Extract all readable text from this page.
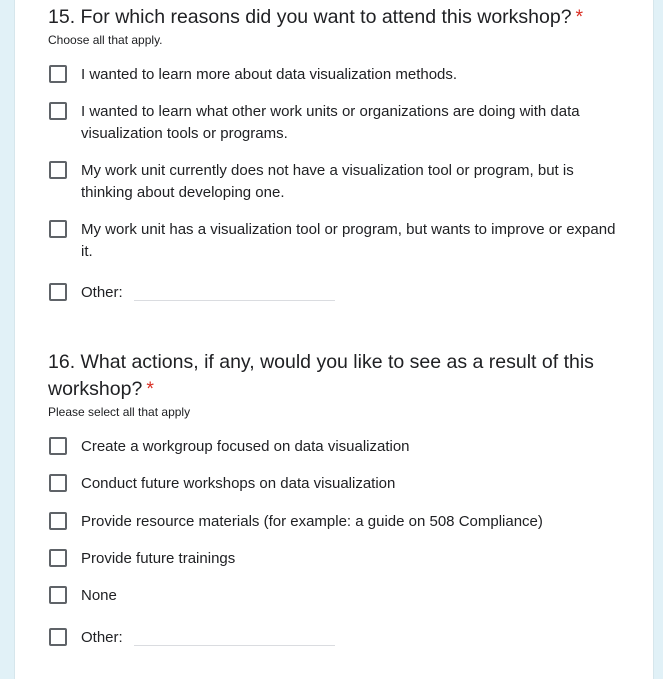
15. For which reasons did you want to attend this workshop? *
Choose all that apply.
I wanted to learn more about data visualization methods.
I wanted to learn what other work units or organizations are doing with data visualization tools or programs.
My work unit currently does not have a visualization tool or program, but is thinking about developing one.
My work unit has a visualization tool or program, but wants to improve or expand it.
Other:
16. What actions, if any, would you like to see as a result of this workshop? *
Please select all that apply
Create a workgroup focused on data visualization
Conduct future workshops on data visualization
Provide resource materials (for example: a guide on 508 Compliance)
Provide future trainings
None
Other:
